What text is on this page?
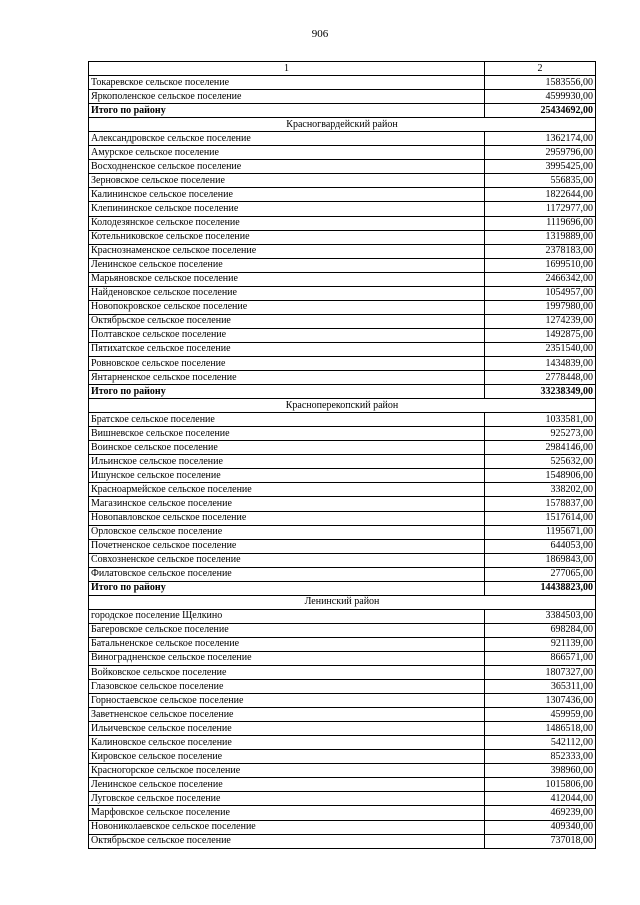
906
1	2
Токаревское сельское поселение	1583556,00
Яркополенское сельское поселение	4599930,00
Итого по району	25434692,00
Красногвардейский район	
Александровское сельское поселение	1362174,00
Амурское сельское поселение	2959796,00
Восходненское сельское поселение	3995425,00
Зерновское сельское поселение	556835,00
Калининское сельское поселение	1822644,00
Клепининское сельское поселение	1172977,00
Колодезянское сельское поселение	1119696,00
Котельниковское сельское поселение	1319889,00
Краснознаменское сельское поселение	2378183,00
Ленинское сельское поселение	1699510,00
Марьяновское сельское поселение	2466342,00
Найденовское сельское поселение	1054957,00
Новопокровское сельское поселение	1997980,00
Октябрьское сельское поселение	1274239,00
Полтавское сельское поселение	1492875,00
Пятихатское сельское поселение	2351540,00
Ровновское сельское поселение	1434839,00
Янтарненское сельское поселение	2778448,00
Итого по району	33238349,00
Красноперекопский район	
Братское сельское поселение	1033581,00
Вишневское сельское поселение	925273,00
Воинское сельское поселение	2984146,00
Ильинское сельское поселение	525632,00
Ишунское сельское поселение	1548906,00
Красноармейское сельское поселение	338202,00
Магазинское сельское поселение	1578837,00
Новопавловское сельское поселение	1517614,00
Орловское сельское поселение	1195671,00
Почетненское сельское поселение	644053,00
Совхозненское сельское поселение	1869843,00
Филатовское сельское поселение	277065,00
Итого по району	14438823,00
Ленинский район	
городское поселение Щелкино	3384503,00
Багеровское сельское поселение	698284,00
Батальненское сельское поселение	921139,00
Виноградненское сельское поселение	866571,00
Войковское сельское поселение	1807327,00
Глазовское сельское поселение	365311,00
Горностаевское сельское поселение	1307436,00
Заветненское сельское поселение	459959,00
Ильичевское сельское поселение	1486518,00
Калиновское сельское поселение	542112,00
Кировское сельское поселение	852333,00
Красногорское сельское поселение	398960,00
Ленинское сельское поселение	1015806,00
Луговское сельское поселение	412044,00
Марфовское сельское поселение	469239,00
Новониколаевское сельское поселение	409340,00
Октябрьское сельское поселение	737018,00
